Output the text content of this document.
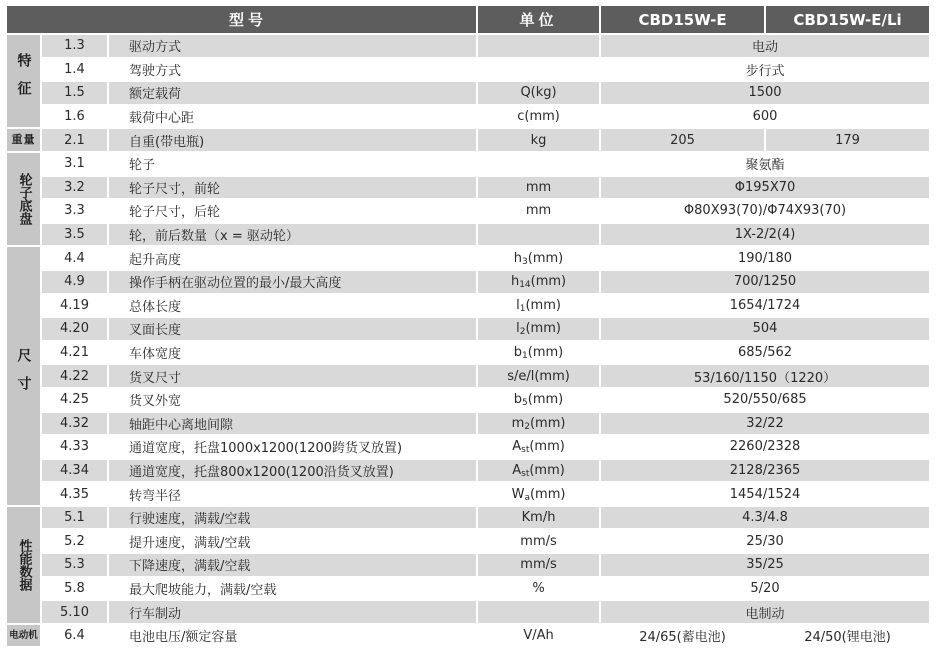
型号			单位	CBD15W-E	CBD15W-E/Li
特征	1.3	驱动方式		电动	
	1.4	驾驶方式		步行式	
	1.5	额定载荷	Q(kg)	1500	
	1.6	载荷中心距	c(mm)	600	
重量	2.1	自重(带电瓶)	kg	205	179
轮子底盘	3.1	轮子		聚氨酯	
	3.2	轮子尺寸，前轮	mm	Φ195X70	
	3.3	轮子尺寸，后轮	mm	Φ80X93(70)/Φ74X93(70)	
	3.5	轮，前后数量（x = 驱动轮）		1X-2/2(4)	
尺寸	4.4	起升高度	$h_3(mm)$	190/180	
	4.9	操作手柄在驱动位置的最小/最大高度	$h_{14}(mm)$	700/1250	
	4.19	总体长度	$l_1(mm)$	1654/1724	
	4.20	叉面长度	$l_2(mm)$	504	
	4.21	车体宽度	$b_1(mm)$	685/562	
	4.22	货叉尺寸	s/e/l(mm)	53/160/1150（1220）	
	4.25	货叉外宽	$b_5(mm)$	520/550/685	
	4.32	轴距中心离地间隙	$m_2(mm)$	32/22	
	4.33	通道宽度，托盘1000x1200(1200跨货叉放置)	$A_{st}(mm)$	2260/2328	
	4.34	通道宽度，托盘800x1200(1200沿货叉放置)	$A_{st}(mm)$	2128/2365	
	4.35	转弯半径	$W_a(mm)$	1454/1524	
性能数据	5.1	行驶速度，满载/空载	Km/h	4.3/4.8	
	5.2	提升速度，满载/空载	mm/s	25/30	
	5.3	下降速度，满载/空载	mm/s	35/25	
	5.8	最大爬坡能力，满载/空载	%	5/20	
	5.10	行车制动		电制动	
电动机	6.4	电池电压/额定容量	V/Ah	24/65(蓄电池)	24/50(锂电池)
